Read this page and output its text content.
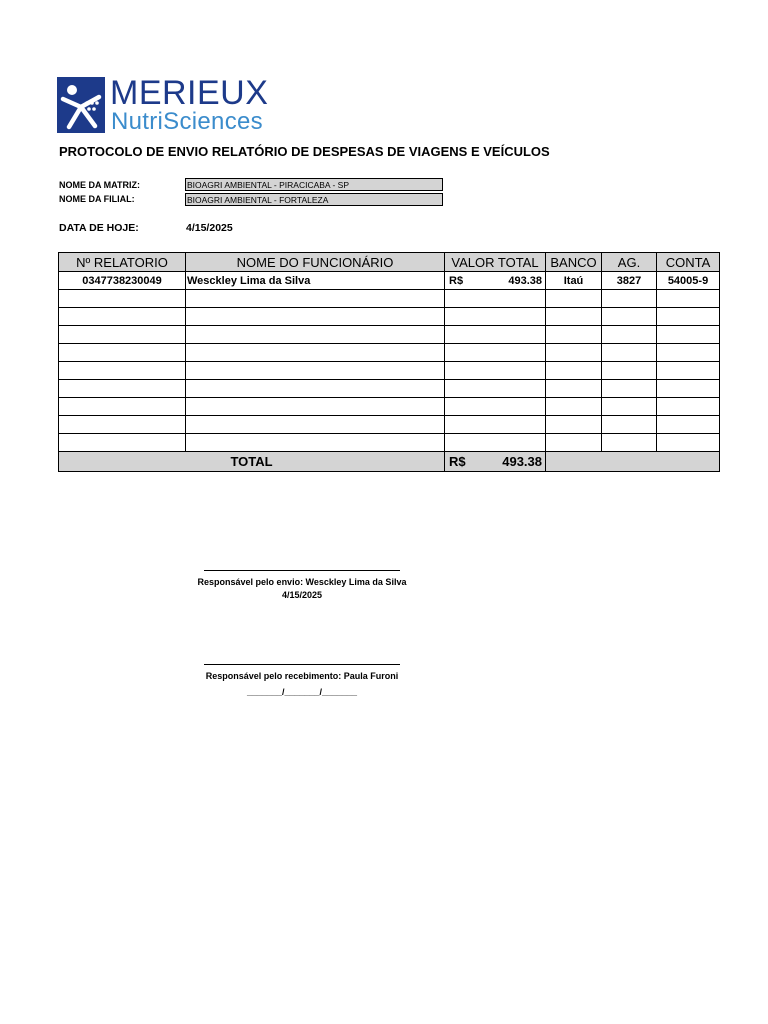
MERIEUX
NutriSciences
PROTOCOLO DE ENVIO RELATÓRIO DE DESPESAS DE VIAGENS E VEÍCULOS
NOME DA MATRIZ:	BIOAGRI AMBIENTAL - PIRACICABA - SP
NOME DA FILIAL:	BIOAGRI AMBIENTAL - FORTALEZA
DATA DE HOJE:	4/15/2025
Nº RELATORIO	NOME DO FUNCIONÁRIO	VALOR TOTAL	BANCO	AG.	CONTA
0347738230049	Wesckley Lima da Silva	R$ 493.38	Itaú	3827	54005-9

TOTAL		R$ 493.38			

Responsável pelo envio: Wesckley Lima da Silva
4/15/2025
Responsável pelo recebimento: Paula Furoni
_______/_______/_______
